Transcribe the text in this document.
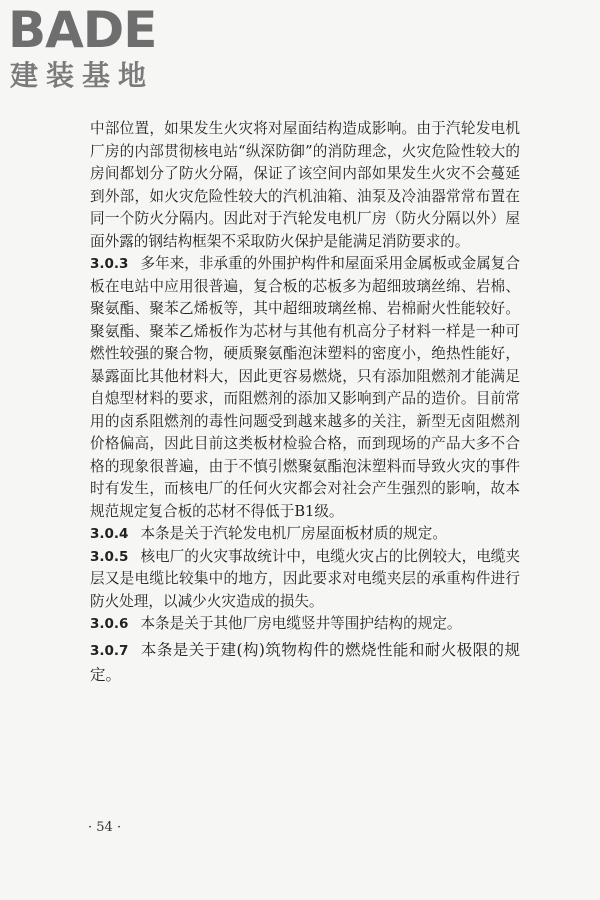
BADE
建装基地

中部位置，如果发生火灾将对屋面结构造成影响。由于汽轮发电机厂房的内部贯彻核电站“纵深防御”的消防理念，火灾危险性较大的房间都划分了防火分隔，保证了该空间内部如果发生火灾不会蔓延到外部，如火灾危险性较大的汽机油箱、油泵及冷油器常常布置在同一个防火分隔内。因此对于汽轮发电机厂房（防火分隔以外）屋面外露的钢结构框架不采取防火保护是能满足消防要求的。

3.0.3 多年来，非承重的外围护构件和屋面采用金属板或金属复合板在电站中应用很普遍，复合板的芯板多为超细玻璃丝绵、岩棉、聚氨酯、聚苯乙烯板等，其中超细玻璃丝棉、岩棉耐火性能较好。聚氨酯、聚苯乙烯板作为芯材与其他有机高分子材料一样是一种可燃性较强的聚合物，硬质聚氨酯泡沫塑料的密度小，绝热性能好，暴露面比其他材料大，因此更容易燃烧，只有添加阻燃剂才能满足自熄型材料的要求，而阻燃剂的添加又影响到产品的造价。目前常用的卤系阻燃剂的毒性问题受到越来越多的关注，新型无卤阻燃剂价格偏高，因此目前这类板材检验合格，而到现场的产品大多不合格的现象很普遍，由于不慎引燃聚氨酯泡沫塑料而导致火灾的事件时有发生，而核电厂的任何火灾都会对社会产生强烈的影响，故本规范规定复合板的芯材不得低于B1级。

3.0.4 本条是关于汽轮发电机厂房屋面板材质的规定。

3.0.5 核电厂的火灾事故统计中，电缆火灾占的比例较大，电缆夹层又是电缆比较集中的地方，因此要求对电缆夹层的承重构件进行防火处理，以减少火灾造成的损失。

3.0.6 本条是关于其他厂房电缆竖井等围护结构的规定。

3.0.7 本条是关于建(构)筑物构件的燃烧性能和耐火极限的规定。

· 54 ·
